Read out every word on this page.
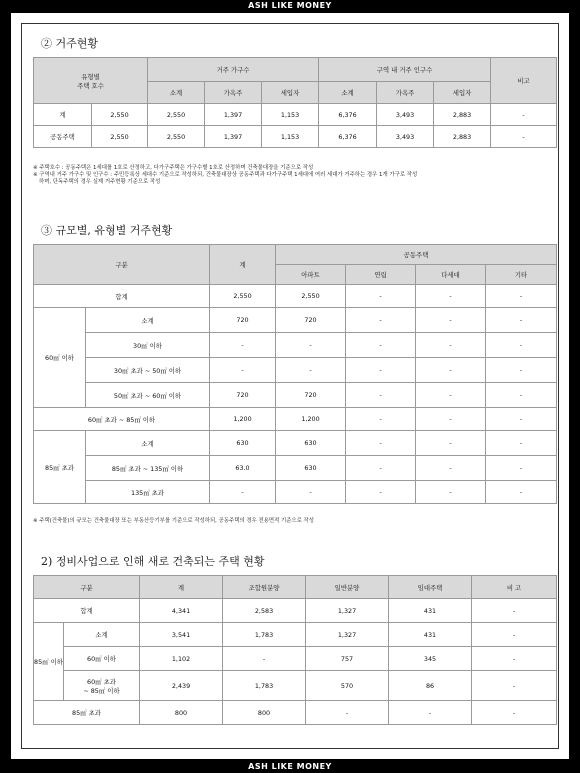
ASH LIKE MONEY
② 거주현황
유형별
주택 호수		거주 가구수			구역 내 거주 인구수			비고
		소계	가옥주	세입자	소계	가옥주	세입자	
계	2,550	2,550	1,397	1,153	6,376	3,493	2,883	-
공동주택	2,550	2,550	1,397	1,153	6,376	3,493	2,883	-
※ 주택호수 : 공동주택은 1세대를 1호로 산정하고, 다가구주택은 가구수별 1호로 산정하며 건축물대장을 기준으로 작성
※ 구역내 거주 가구수 및 인구수 : 주민등록상 세대수 기준으로 작성하되, 건축물대장상 공동주택과 다가구주택 1세대에 여러 세대가 거주하는 경우 1개 가구로 작성
하며, 단독주택의 경우 실제 거주현황 기준으로 작성
③ 규모별, 유형별 거주현황
구분		계	공동주택			
			아파트	연립	다세대	기타
합계		2,550	2,550	-	-	-
60㎡ 이하	소계	720	720	-	-	-
	30㎡ 이하	-	-	-	-	-
	30㎡ 초과 ~ 50㎡ 이하	-	-	-	-	-
	50㎡ 초과 ~ 60㎡ 이하	720	720	-	-	-
60㎡ 초과 ~ 85㎡ 이하		1,200	1,200	-	-	-
85㎡ 초과	소계	630	630	-	-	-
	85㎡ 초과 ~ 135㎡ 이하	63.0	630	-	-	-
	135㎡ 초과	-	-	-	-	-
※ 주택(건축물)의 규모는 건축물대장 또는 부동산등기부를 기준으로 작성하되, 공동주택의 경우 전용면적 기준으로 작성
2) 정비사업으로 인해 새로 건축되는 주택 현황
구분		계	조합원분양	일반분양	임대주택	비 고
합계		4,341	2,583	1,327	431	-
85㎡ 이하	소계	3,541	1,783	1,327	431	-
	60㎡ 이하	1,102	-	757	345	-

	60㎡ 초과
~ 85㎡ 이하	2,439	1,783	570	86	-
85㎡ 초과		800	800	-	-	-
ASH LIKE MONEY
